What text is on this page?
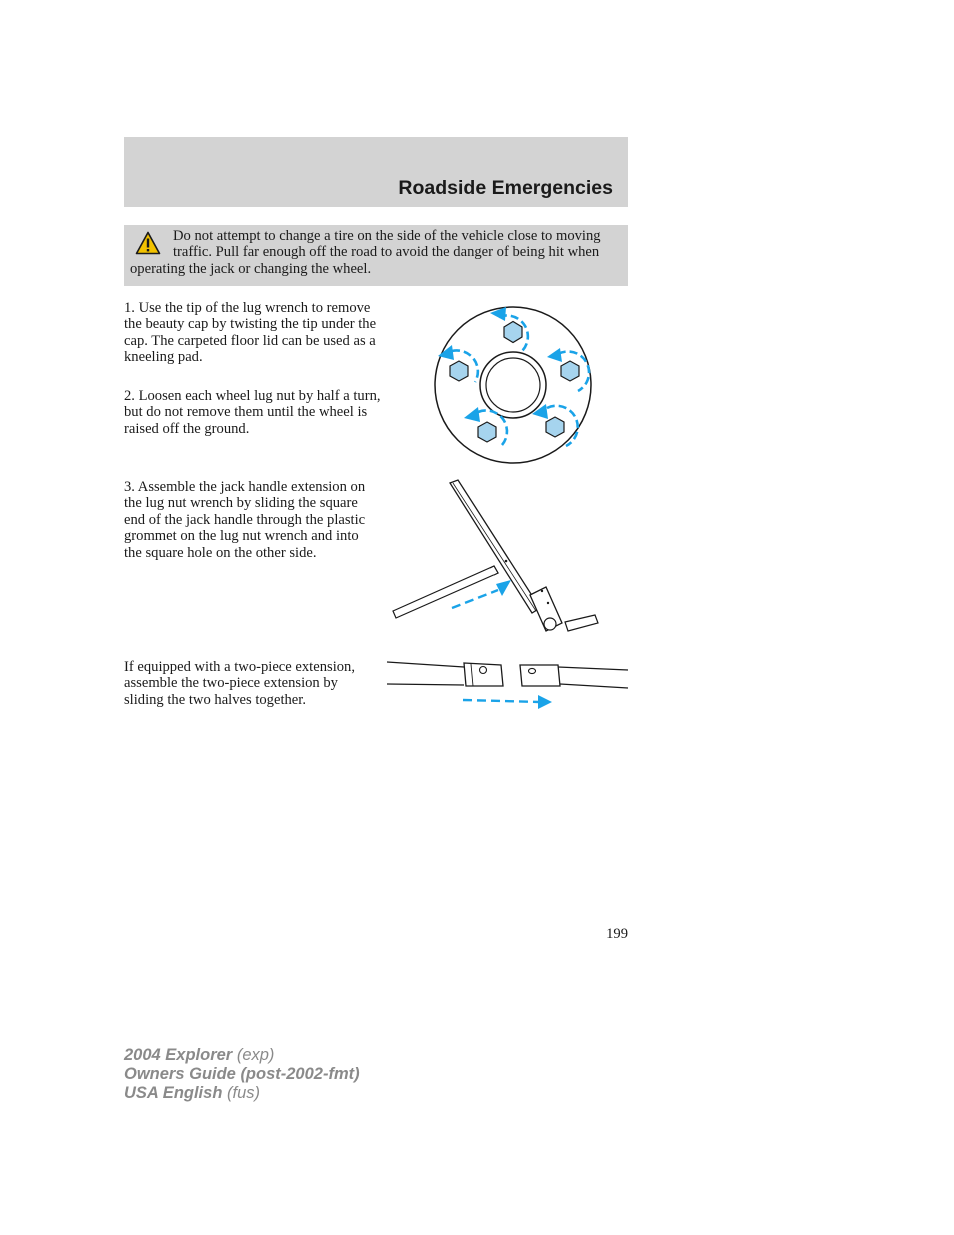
Roadside Emergencies
Do not attempt to change a tire on the side of the vehicle close to moving traffic. Pull far enough off the road to avoid the danger of being hit when operating the jack or changing the wheel.

1. Use the tip of the lug wrench to remove the beauty cap by twisting the tip under the cap. The carpeted floor lid can be used as a kneeling pad.

2. Loosen each wheel lug nut by half a turn, but do not remove them until the wheel is raised off the ground.

3. Assemble the jack handle extension on the lug nut wrench by sliding the square end of the jack handle through the plastic grommet on the lug nut wrench and into the square hole on the other side.

If equipped with a two-piece extension, assemble the two-piece extension by sliding the two halves together.

199
2004 Explorer (exp)
Owners Guide (post-2002-fmt)
USA English (fus)
